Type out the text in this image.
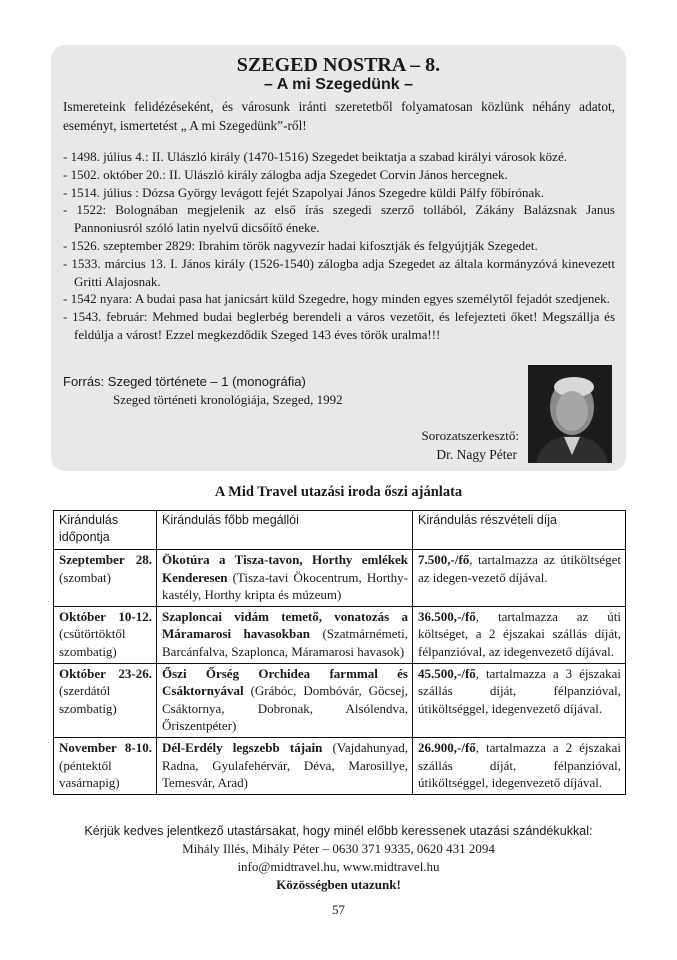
SZEGED NOSTRA – 8.
– A mi Szegedünk –
Ismereteink felidézéseként, és városunk iránti szeretetből folyamatosan közlünk néhány adatot, eseményt, ismertetést „ A mi Szegedünk”-ről!
- 1498. július 4.: II. Ulászló király (1470-1516) Szegedet beiktatja a szabad királyi városok közé.
- 1502. október 20.: II. Ulászló király zálogba adja Szegedet Corvin János hercegnek.
- 1514. július : Dózsa György levágott fejét Szapolyai János Szegedre küldi Pálfy főbírónak.
- 1522: Bolognában megjelenik az első írás szegedi szerző tollából, Zákány Balázsnak Janus Pannoniusról szóló latin nyelvű dicsőítő éneke.
- 1526. szeptember 2829: Ibrahim török nagyvezír hadai kifosztják és felgyújtják Szegedet.
- 1533. március 13. I. János király (1526-1540) zálogba adja Szegedet az általa kormányzóvá kinevezett Gritti Alajosnak.
- 1542 nyara: A budai pasa hat janicsárt küld Szegedre, hogy minden egyes személytől fejadót szedjenek.
- 1543. február: Mehmed budai beglerbég berendeli a város vezetőit, és lefejezteti őket! Megszállja és feldúlja a várost! Ezzel megkezdődik Szeged 143 éves török uralma!!!
Forrás: Szeged története – 1 (monográfia)
Szeged történeti kronológiája, Szeged, 1992
Sorozatszerkesztő:
Dr. Nagy Péter
A Mid Travel utazási iroda őszi ajánlata
Kirándulás időpontja	Kirándulás főbb megállói	Kirándulás részvételi díja
Szeptember 28. (szombat)	Ökotúra a Tisza-tavon, Horthy emlékek Kenderesen (Tisza-tavi Ökocentrum, Horthy-kastély, Horthy kripta és múzeum)	7.500,-/fő, tartalmazza az útiköltséget az idegen-vezető díjával.
Október 10-12. (csütörtöktől szombatig)	Szaploncai vidám temető, vonatozás a Máramarosi havasokban (Szatmárnémeti, Barcánfalva, Szaplonca, Máramarosi havasok)	36.500,-/fő, tartalmazza az úti költséget, a 2 éjszakai szállás díját, félpanzióval, az idegenvezető díjával.
Október 23-26. (szerdától szombatig)	Őszi Őrség Orchidea farmmal és Csáktornyával (Grábóc, Dombóvár, Göcsej, Csáktornya, Dobronak, Alsólendva, Őriszentpéter)	45.500,-/fő, tartalmazza a 3 éjszakai szállás díját, félpanzióval, útiköltséggel, idegenvezető díjával.
November 8-10. (péntektől vasárnapig)	Dél-Erdély legszebb tájain (Vajdahunyad, Radna, Gyulafehérvár, Déva, Marosillye, Temesvár, Arad)	26.900,-/fő, tartalmazza a 2 éjszakai szállás díját, félpanzióval, útiköltséggel, idegenvezető díjával.
Kérjük kedves jelentkező utastársakat, hogy minél előbb keressenek utazási szándékukkal:
Mihály Illés, Mihály Péter – 0630 371 9335, 0620 431 2094
info@midtravel.hu, www.midtravel.hu
Közösségben utazunk!
57
